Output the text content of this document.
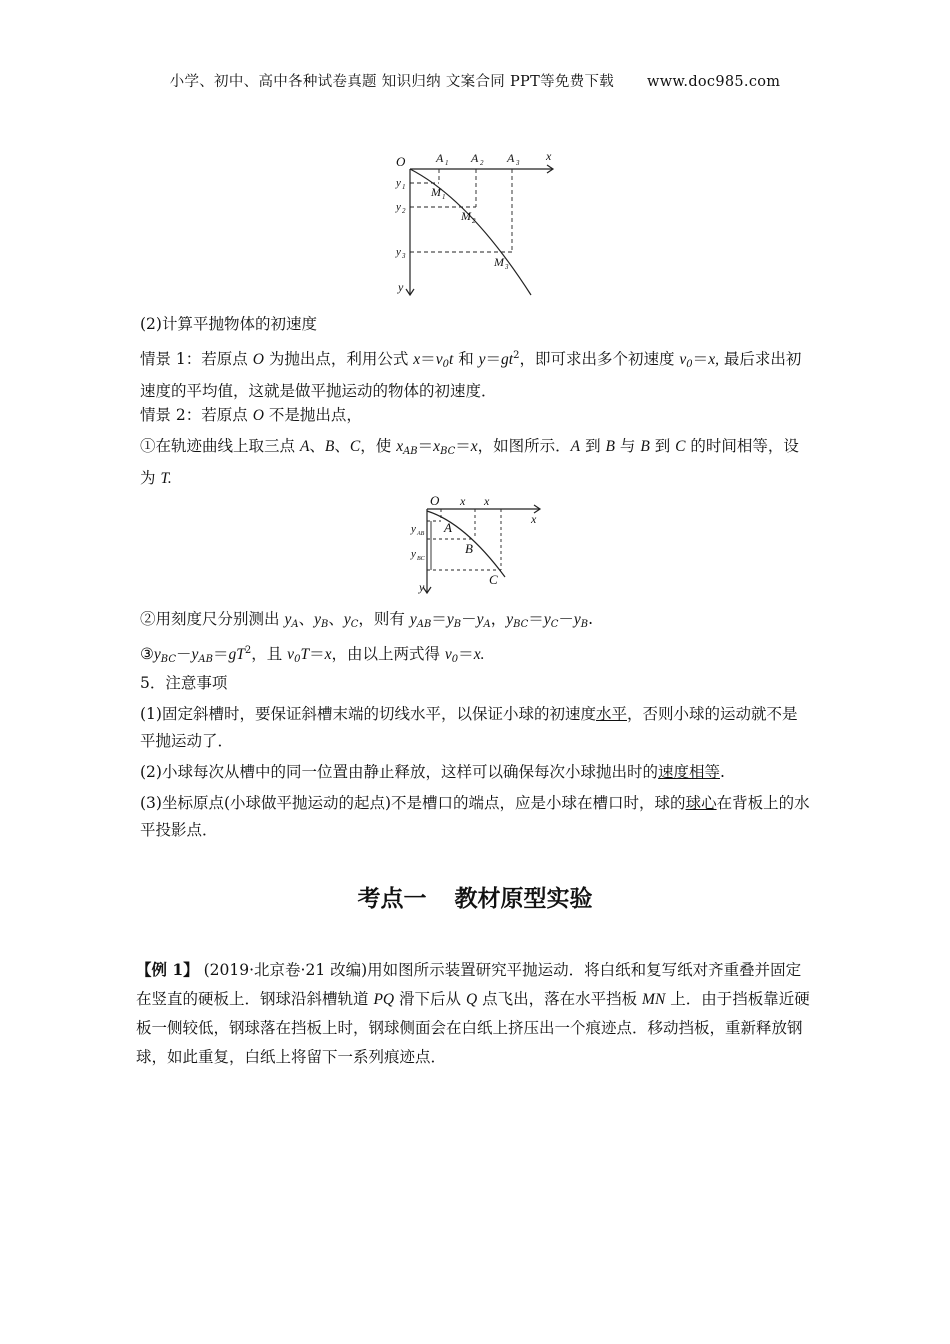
小学、初中、高中各种试卷真题 知识归纳 文案合同 PPT等免费下载 www.doc985.com
O	x
y
A 1 A 2 A 3
y 1
y 2
y 3
M 1
M 2
M 3
(2)计算平抛物体的初速度
情景 1：若原点 O 为抛出点，利用公式 $x=v_0t$ 和 $y=gt^2$，即可求出多个初速度 $v_0=x$, 最后求出初速度的平均值，这就是做平抛运动的物体的初速度．
情景 2：若原点 O 不是抛出点，
①在轨迹曲线上取三点 A、B、C，使 $x_{AB}=x_{BC}=x$，如图所示．A 到 B 与 B 到 C 的时间相等，设为 T.
O x x
x
y
A
B
C
y AB
y BC
②用刻度尺分别测出 $y_A$、$y_B$、$y_C$，则有 $y_{AB}=y_B-y_A$，$y_{BC}=y_C-y_B$.
$③y_{BC}-y_{AB}=gT^2$，且 $v_0T=x$，由以上两式得 $v_0=x$.
5．注意事项
(1)固定斜槽时，要保证斜槽末端的切线水平，以保证小球的初速度水平，否则小球的运动就不是平抛运动了．
(2)小球每次从槽中的同一位置由静止释放，这样可以确保每次小球抛出时的速度相等.
(3)坐标原点(小球做平抛运动的起点)不是槽口的端点，应是小球在槽口时，球的球心在背板上的水平投影点．
考点一 教材原型实验
【例 1】 (2019·北京卷·21 改编)用如图所示装置研究平抛运动．将白纸和复写纸对齐重叠并固定在竖直的硬板上．钢球沿斜槽轨道 PQ 滑下后从 Q 点飞出，落在水平挡板 MN 上．由于挡板靠近硬板一侧较低，钢球落在挡板上时，钢球侧面会在白纸上挤压出一个痕迹点．移动挡板，重新释放钢球，如此重复，白纸上将留下一系列痕迹点．
